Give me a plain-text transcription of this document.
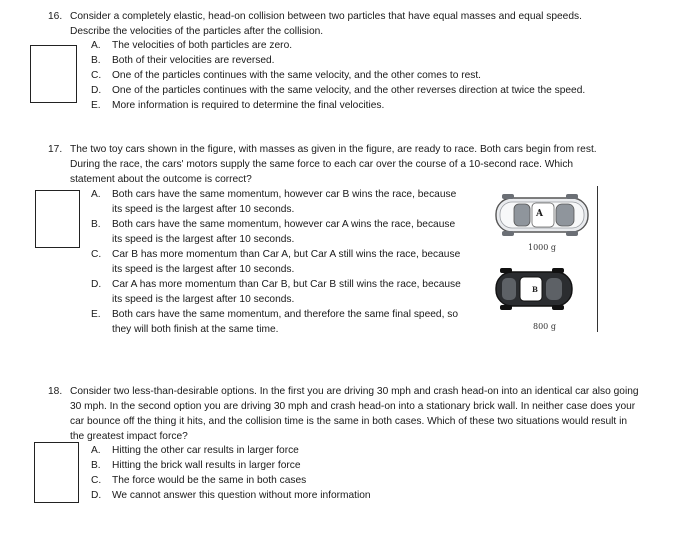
16. Consider a completely elastic, head-on collision between two particles that have equal masses and equal speeds.
Describe the velocities of the particles after the collision.
A. The velocities of both particles are zero.
B. Both of their velocities are reversed.
C. One of the particles continues with the same velocity, and the other comes to rest.
D. One of the particles continues with the same velocity, and the other reverses direction at twice the speed.
E. More information is required to determine the final velocities.
17. The two toy cars shown in the figure, with masses as given in the figure, are ready to race. Both cars begin from rest.
During the race, the cars' motors supply the same force to each car over the course of a 10-second race. Which
statement about the outcome is correct?
A. Both cars have the same momentum, however car B wins the race, because
its speed is the largest after 10 seconds.
B. Both cars have the same momentum, however car A wins the race, because
its speed is the largest after 10 seconds.
C. Car B has more momentum than Car A, but Car A still wins the race, because
its speed is the largest after 10 seconds.
D. Car A has more momentum than Car B, but Car B still wins the race, because
its speed is the largest after 10 seconds.
E. Both cars have the same momentum, and therefore the same final speed, so
they will both finish at the same time.
A
1000 g
B
800 g
18. Consider two less-than-desirable options. In the first you are driving 30 mph and crash head-on into an identical car also going
30 mph. In the second option you are driving 30 mph and crash head-on into a stationary brick wall. In neither case does your
car bounce off the thing it hits, and the collision time is the same in both cases. Which of these two situations would result in
the greatest impact force?
A. Hitting the other car results in larger force
B. Hitting the brick wall results in larger force
C. The force would be the same in both cases
D. We cannot answer this question without more information
